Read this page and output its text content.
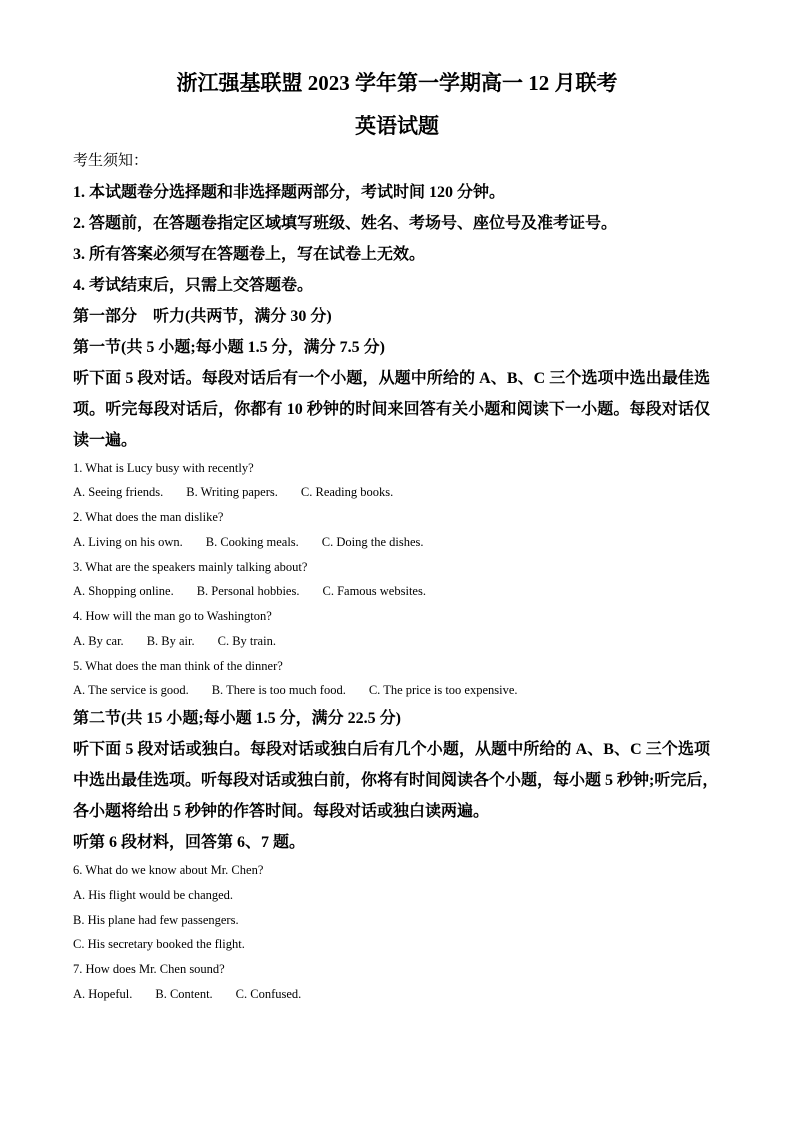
浙江强基联盟 2023 学年第一学期高一 12 月联考
英语试题
考生须知：
1. 本试题卷分选择题和非选择题两部分，考试时间 120 分钟。
2. 答题前，在答题卷指定区域填写班级、姓名、考场号、座位号及准考证号。
3. 所有答案必须写在答题卷上，写在试卷上无效。
4. 考试结束后，只需上交答题卷。
第一部分　听力(共两节，满分 30 分)
第一节(共 5 小题;每小题 1.5 分，满分 7.5 分)
听下面 5 段对话。每段对话后有一个小题，从题中所给的 A、B、C 三个选项中选出最佳选
项。听完每段对话后，你都有 10 秒钟的时间来回答有关小题和阅读下一小题。每段对话仅
读一遍。
1. What is Lucy busy with recently?
A. Seeing friends. B. Writing papers. C. Reading books.
2. What does the man dislike?
A. Living on his own. B. Cooking meals. C. Doing the dishes.
3. What are the speakers mainly talking about?
A. Shopping online. B. Personal hobbies. C. Famous websites.
4. How will the man go to Washington?
A. By car. B. By air. C. By train.
5. What does the man think of the dinner?
A. The service is good. B. There is too much food. C. The price is too expensive.
第二节(共 15 小题;每小题 1.5 分，满分 22.5 分)
听下面 5 段对话或独白。每段对话或独白后有几个小题，从题中所给的 A、B、C 三个选项
中选出最佳选项。听每段对话或独白前，你将有时间阅读各个小题，每小题 5 秒钟;听完后，
各小题将给出 5 秒钟的作答时间。每段对话或独白读两遍。
听第 6 段材料，回答第 6、7 题。
6. What do we know about Mr. Chen?
A. His flight would be changed.
B. His plane had few passengers.
C. His secretary booked the flight.
7. How does Mr. Chen sound?
A. Hopeful. B. Content. C. Confused.
